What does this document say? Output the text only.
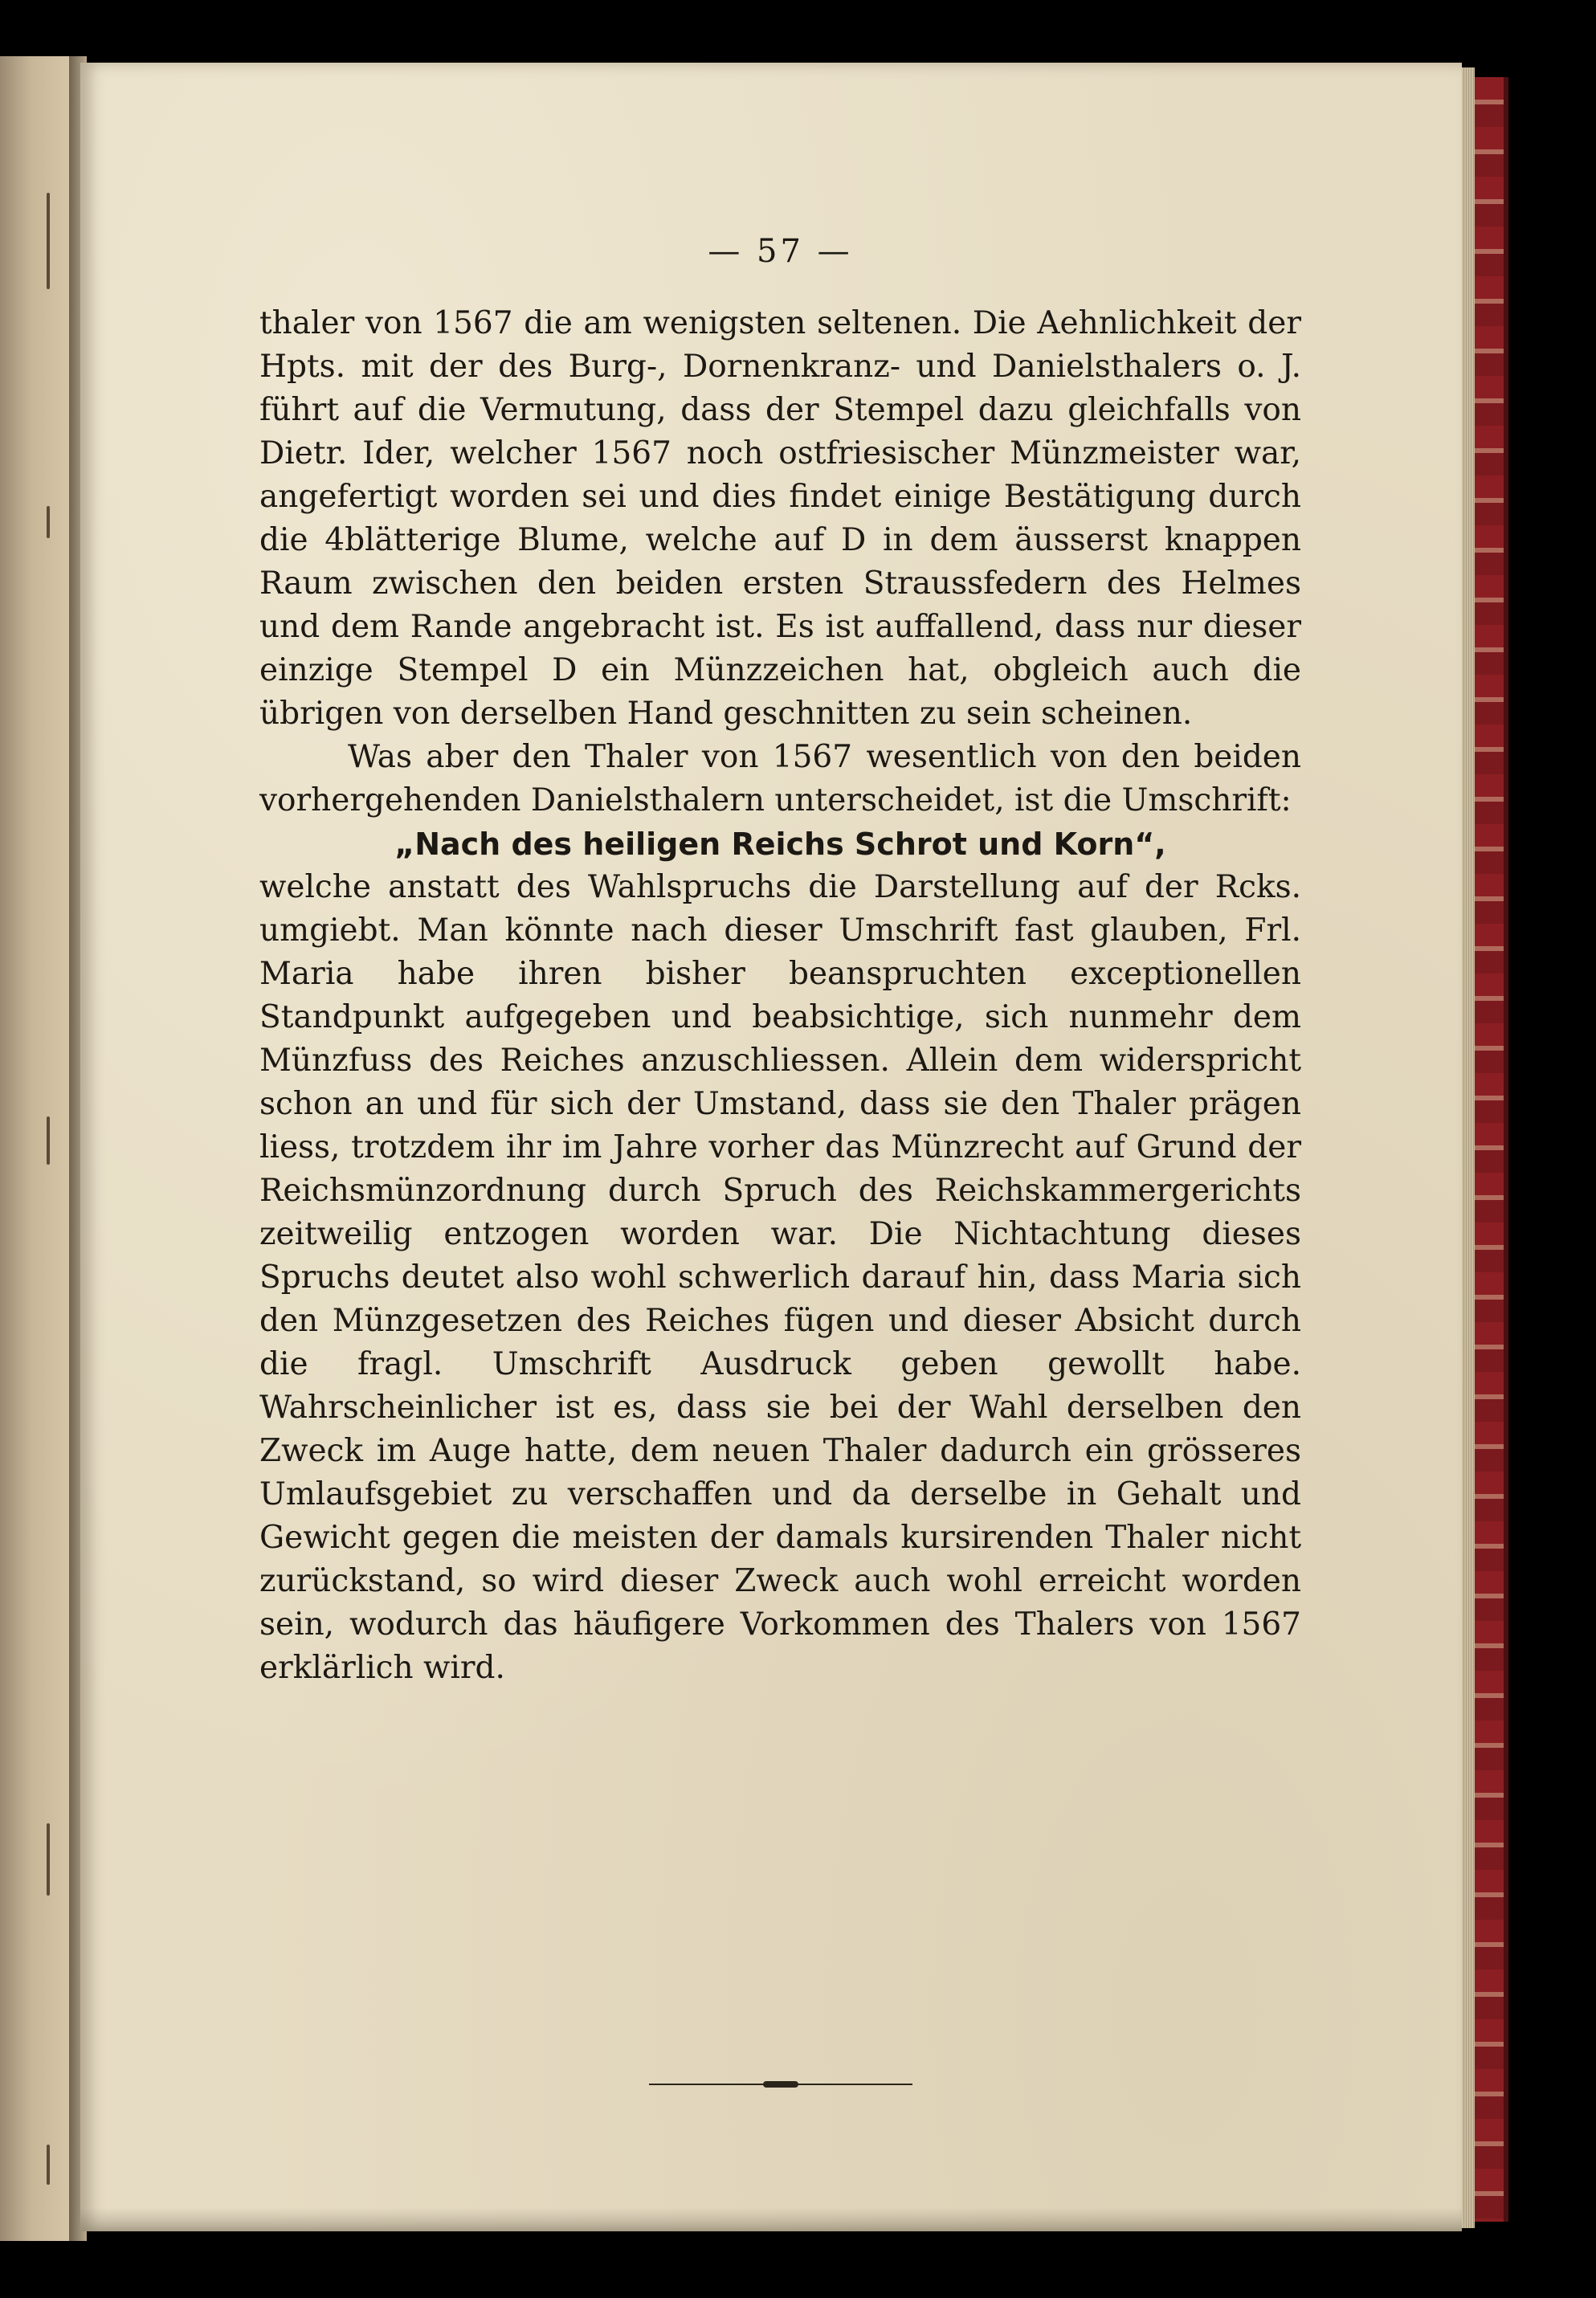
— 57 —

thaler von 1567 die am wenigsten seltenen. Die Aehnlichkeit der Hpts. mit der des Burg-, Dornenkranz- und Danielsthalers o. J. führt auf die Vermutung, dass der Stempel dazu gleichfalls von Dietr. Ider, welcher 1567 noch ostfriesischer Münzmeister war, angefertigt worden sei und dies findet einige Bestätigung durch die 4blätterige Blume, welche auf D in dem äusserst knappen Raum zwischen den beiden ersten Straussfedern des Helmes und dem Rande angebracht ist. Es ist auffallend, dass nur dieser einzige Stempel D ein Münzzeichen hat, obgleich auch die übrigen von derselben Hand geschnitten zu sein scheinen.

Was aber den Thaler von 1567 wesentlich von den beiden vorhergehenden Danielsthalern unterscheidet, ist die Umschrift:

„Nach des heiligen Reichs Schrot und Korn“,

welche anstatt des Wahlspruchs die Darstellung auf der Rcks. umgiebt. Man könnte nach dieser Umschrift fast glauben, Frl. Maria habe ihren bisher beanspruchten exceptionellen Standpunkt aufgegeben und beabsichtige, sich nunmehr dem Münzfuss des Reiches anzuschliessen. Allein dem widerspricht schon an und für sich der Umstand, dass sie den Thaler prägen liess, trotzdem ihr im Jahre vorher das Münzrecht auf Grund der Reichsmünzordnung durch Spruch des Reichskammergerichts zeitweilig entzogen worden war. Die Nichtachtung dieses Spruchs deutet also wohl schwerlich darauf hin, dass Maria sich den Münzgesetzen des Reiches fügen und dieser Absicht durch die fragl. Umschrift Ausdruck geben gewollt habe. Wahrscheinlicher ist es, dass sie bei der Wahl derselben den Zweck im Auge hatte, dem neuen Thaler dadurch ein grösseres Umlaufsgebiet zu verschaffen und da derselbe in Gehalt und Gewicht gegen die meisten der damals kursirenden Thaler nicht zurückstand, so wird dieser Zweck auch wohl erreicht worden sein, wodurch das häufigere Vorkommen des Thalers von 1567 erklärlich wird.
